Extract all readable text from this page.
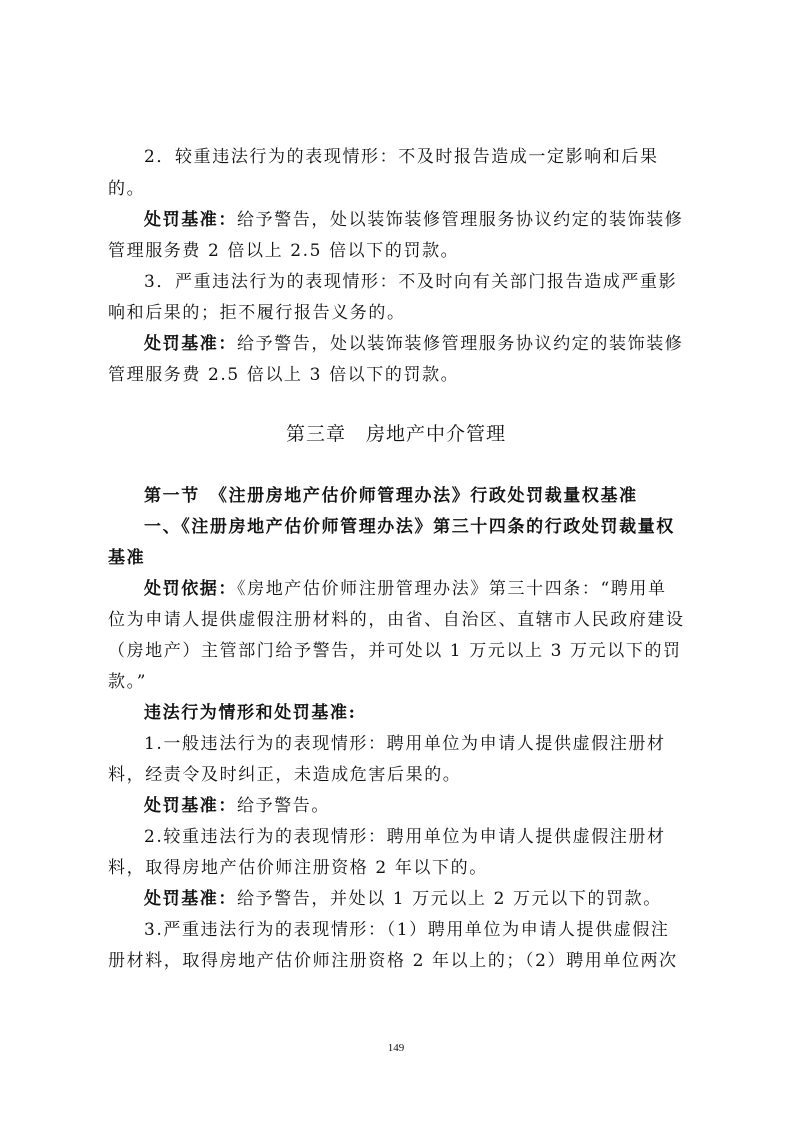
2．较重违法行为的表现情形：不及时报告造成一定影响和后果
的。
处罚基准：给予警告，处以装饰装修管理服务协议约定的装饰装修
管理服务费 2 倍以上 2.5 倍以下的罚款。
3．严重违法行为的表现情形：不及时向有关部门报告造成严重影
响和后果的；拒不履行报告义务的。
处罚基准：给予警告，处以装饰装修管理服务协议约定的装饰装修
管理服务费 2.5 倍以上 3 倍以下的罚款。
第三章　房地产中介管理
第一节　《注册房地产估价师管理办法》行政处罚裁量权基准
一、《注册房地产估价师管理办法》第三十四条的行政处罚裁量权
基准
处罚依据：《房地产估价师注册管理办法》第三十四条：“聘用单
位为申请人提供虚假注册材料的，由省、自治区、直辖市人民政府建设
（房地产）主管部门给予警告，并可处以 1 万元以上 3 万元以下的罚
款。”
违法行为情形和处罚基准:
1.一般违法行为的表现情形：聘用单位为申请人提供虚假注册材
料，经责令及时纠正，未造成危害后果的。
处罚基准：给予警告。
2.较重违法行为的表现情形：聘用单位为申请人提供虚假注册材
料，取得房地产估价师注册资格 2 年以下的。
处罚基准：给予警告，并处以 1 万元以上 2 万元以下的罚款。
3.严重违法行为的表现情形：（1）聘用单位为申请人提供虚假注
册材料，取得房地产估价师注册资格 2 年以上的；（2）聘用单位两次
149
